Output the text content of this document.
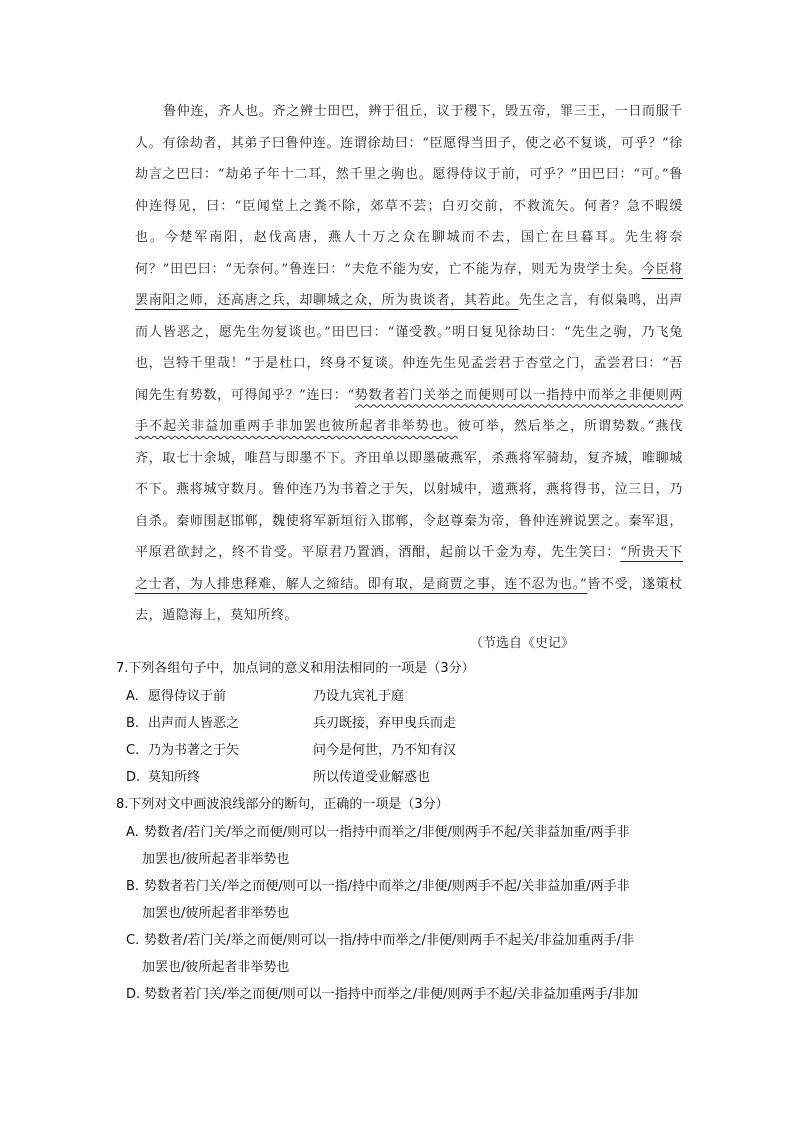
鲁仲连，齐人也。齐之辨士田巴，辨于徂丘，议于稷下，毁五帝，罪三王，一日而服千人。有徐劫者，其弟子曰鲁仲连。连谓徐劫曰：“臣愿得当田子，使之必不复谈，可乎？”徐劫言之巴曰：“劫弟子年十二耳，然千里之驹也。愿得侍议于前，可乎？”田巴曰：“可。”鲁仲连得见，曰：“臣闻堂上之粪不除，郊草不芸；白刃交前，不救流矢。何者？急不暇缓也。今楚军南阳，赵伐高唐，燕人十万之众在聊城而不去，国亡在旦暮耳。先生将奈何？”田巴曰：“无奈何。”鲁连曰：“夫危不能为安，亡不能为存，则无为贵学士矣。今臣将罢南阳之师，还高唐之兵，却聊城之众，所为贵谈者，其若此。先生之言，有似枭鸣，出声而人皆恶之，愿先生勿复谈也。”田巴曰：“谨受教。”明日复见徐劫曰：“先生之驹，乃飞兔也，岂特千里哉！”于是杜口，终身不复谈。仲连先生见孟尝君于杏堂之门，孟尝君曰：“吾闻先生有势数，可得闻乎？”连曰：“势数者若门关举之而便则可以一指持中而举之非便则两手不起关非益加重两手非加罢也彼所起者非举势也。彼可举，然后举之，所谓势数。”燕伐齐，取七十余城，唯莒与即墨不下。齐田单以即墨破燕军，杀燕将军骑劫，复齐城，唯聊城不下。燕将城守数月。鲁仲连乃为书着之于矢，以射城中，遗燕将，燕将得书，泣三日，乃自杀。秦师围赵邯郸，魏使将军新垣衍入邯郸，令赵尊秦为帝，鲁仲连辨说罢之。秦军退，平原君欲封之，终不肯受。平原君乃置酒，酒酣，起前以千金为寿，先生笑曰：“所贵天下之士者，为人排患释难，解人之缔结。即有取，是商贾之事，连不忍为也。”皆不受，遂策杖去，遁隐海上，莫知所终。
（节选自《史记》
7.下列各组句子中，加点词的意义和用法相同的一项是（3分）
A. 愿得侍议于前	乃设九宾礼于庭
B. 出声而人皆恶之	兵刃既接，弃甲曳兵而走
C. 乃为书著之于矢	问今是何世，乃不知有汉
D. 莫知所终	所以传道受业解惑也
8.下列对文中画波浪线部分的断句，正确的一项是（3分）
A. 势数者/若门关/举之而便/则可以一指持中而举之/非便/则两手不起/关非益加重/两手非
加罢也/彼所起者非举势也
B. 势数者若门关/举之而便/则可以一指/持中而举之/非便/则两手不起/关非益加重/两手非
加罢也/彼所起者非举势也
C. 势数者/若门关/举之而便/则可以一指/持中而举之/非便/则两手不起关/非益加重两手/非
加罢也/彼所起者非举势也
D. 势数者若门关/举之而便/则可以一指持中而举之/非便/则两手不起/关非益加重两手/非加
